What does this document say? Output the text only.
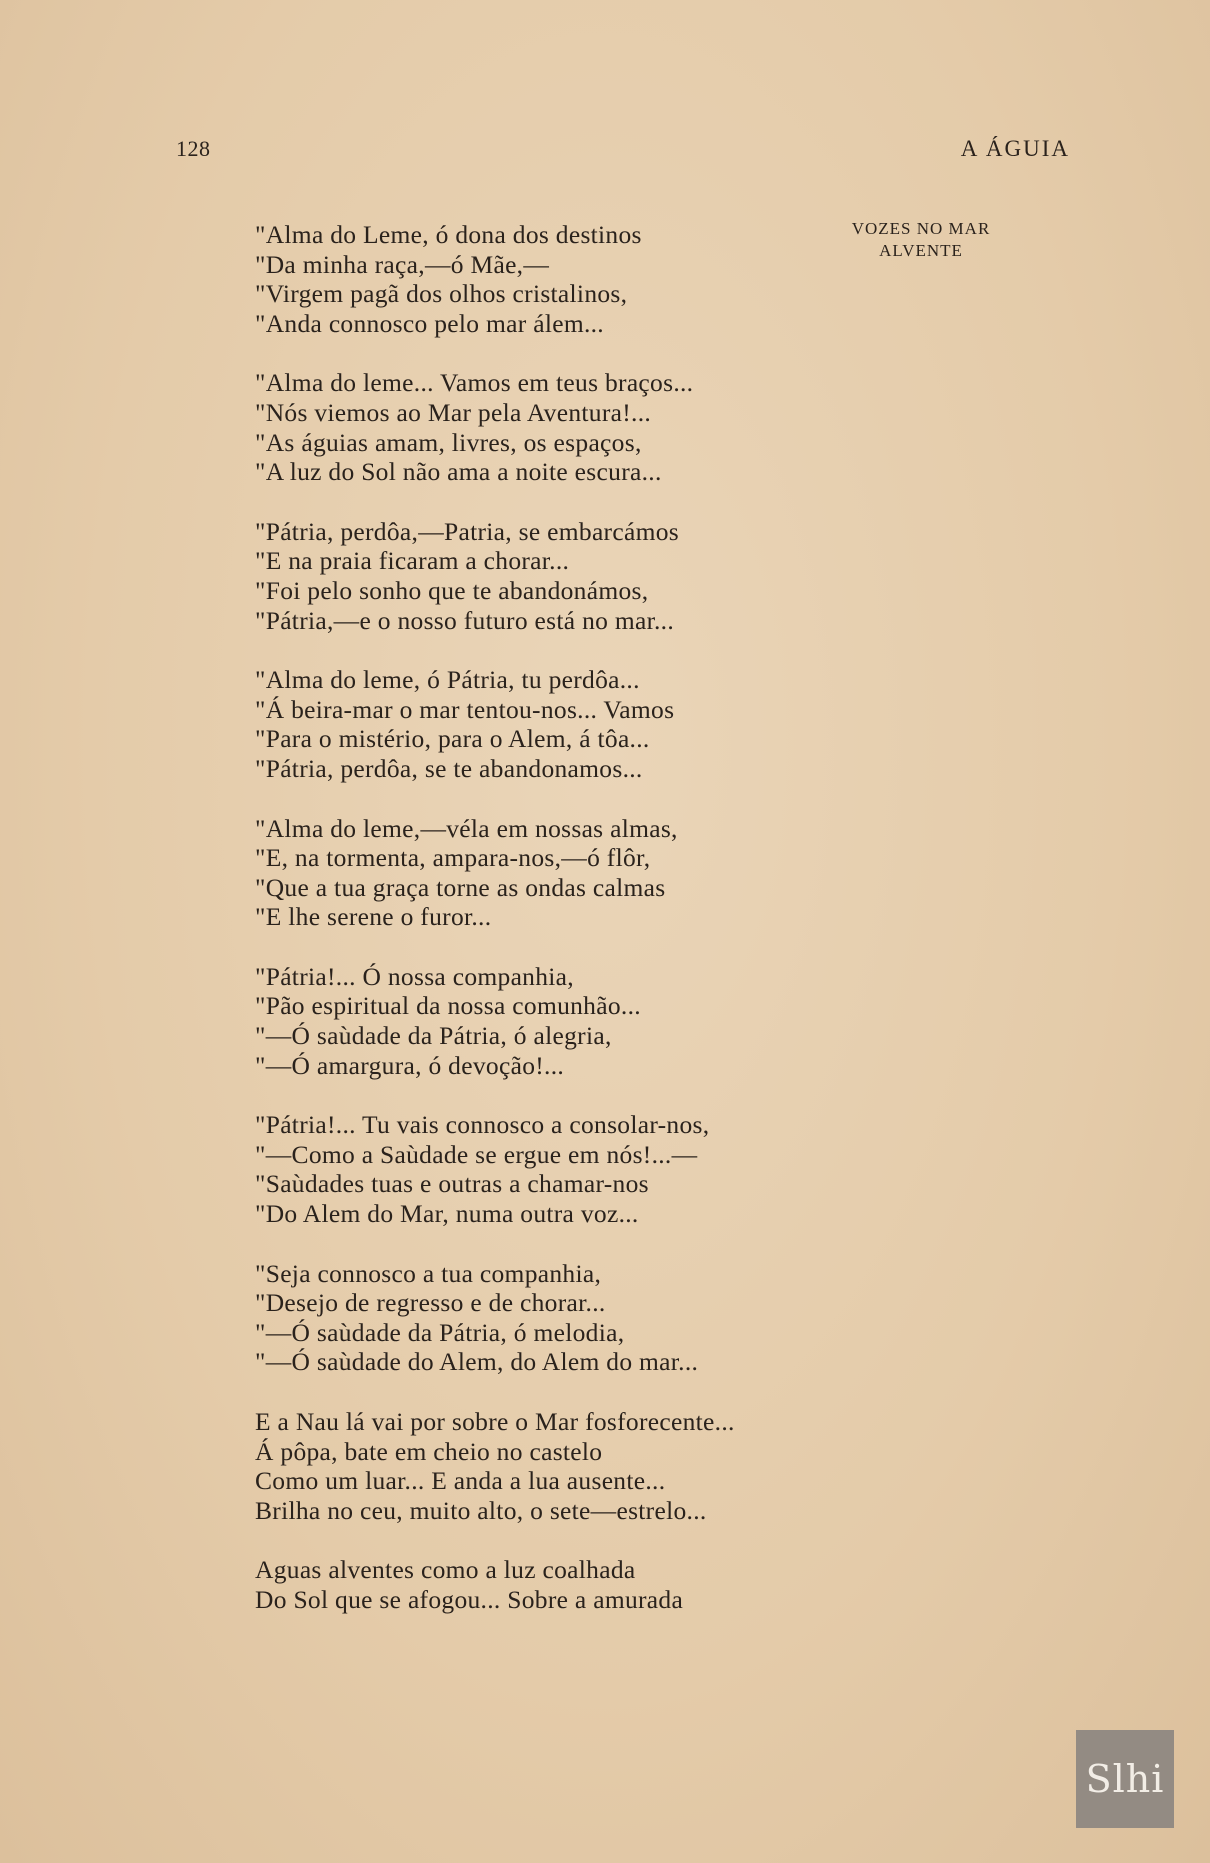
128	A ÁGUIA
VOZES NO MAR
ALVENTE
"Alma do Leme, ó dona dos destinos
"Da minha raça,—ó Mãe,—
"Virgem pagã dos olhos cristalinos,
"Anda connosco pelo mar álem...
"Alma do leme... Vamos em teus braços...
"Nós viemos ao Mar pela Aventura!...
"As águias amam, livres, os espaços,
"A luz do Sol não ama a noite escura...
"Pátria, perdôa,—Patria, se embarcámos
"E na praia ficaram a chorar...
"Foi pelo sonho que te abandonámos,
"Pátria,—e o nosso futuro está no mar...
"Alma do leme, ó Pátria, tu perdôa...
"Á beira-mar o mar tentou-nos... Vamos
"Para o mistério, para o Alem, á tôa...
"Pátria, perdôa, se te abandonamos...
"Alma do leme,—véla em nossas almas,
"E, na tormenta, ampara-nos,—ó flôr,
"Que a tua graça torne as ondas calmas
"E lhe serene o furor...
"Pátria!... Ó nossa companhia,
"Pão espiritual da nossa comunhão...
"—Ó saùdade da Pátria, ó alegria,
"—Ó amargura, ó devoção!...
"Pátria!... Tu vais connosco a consolar-nos,
"—Como a Saùdade se ergue em nós!...—
"Saùdades tuas e outras a chamar-nos
"Do Alem do Mar, numa outra voz...
"Seja connosco a tua companhia,
"Desejo de regresso e de chorar...
"—Ó saùdade da Pátria, ó melodia,
"—Ó saùdade do Alem, do Alem do mar...
E a Nau lá vai por sobre o Mar fosforecente...
Á pôpa, bate em cheio no castelo
Como um luar... E anda a lua ausente...
Brilha no ceu, muito alto, o sete—estrelo...
Aguas alventes como a luz coalhada
Do Sol que se afogou... Sobre a amurada
Slhi
